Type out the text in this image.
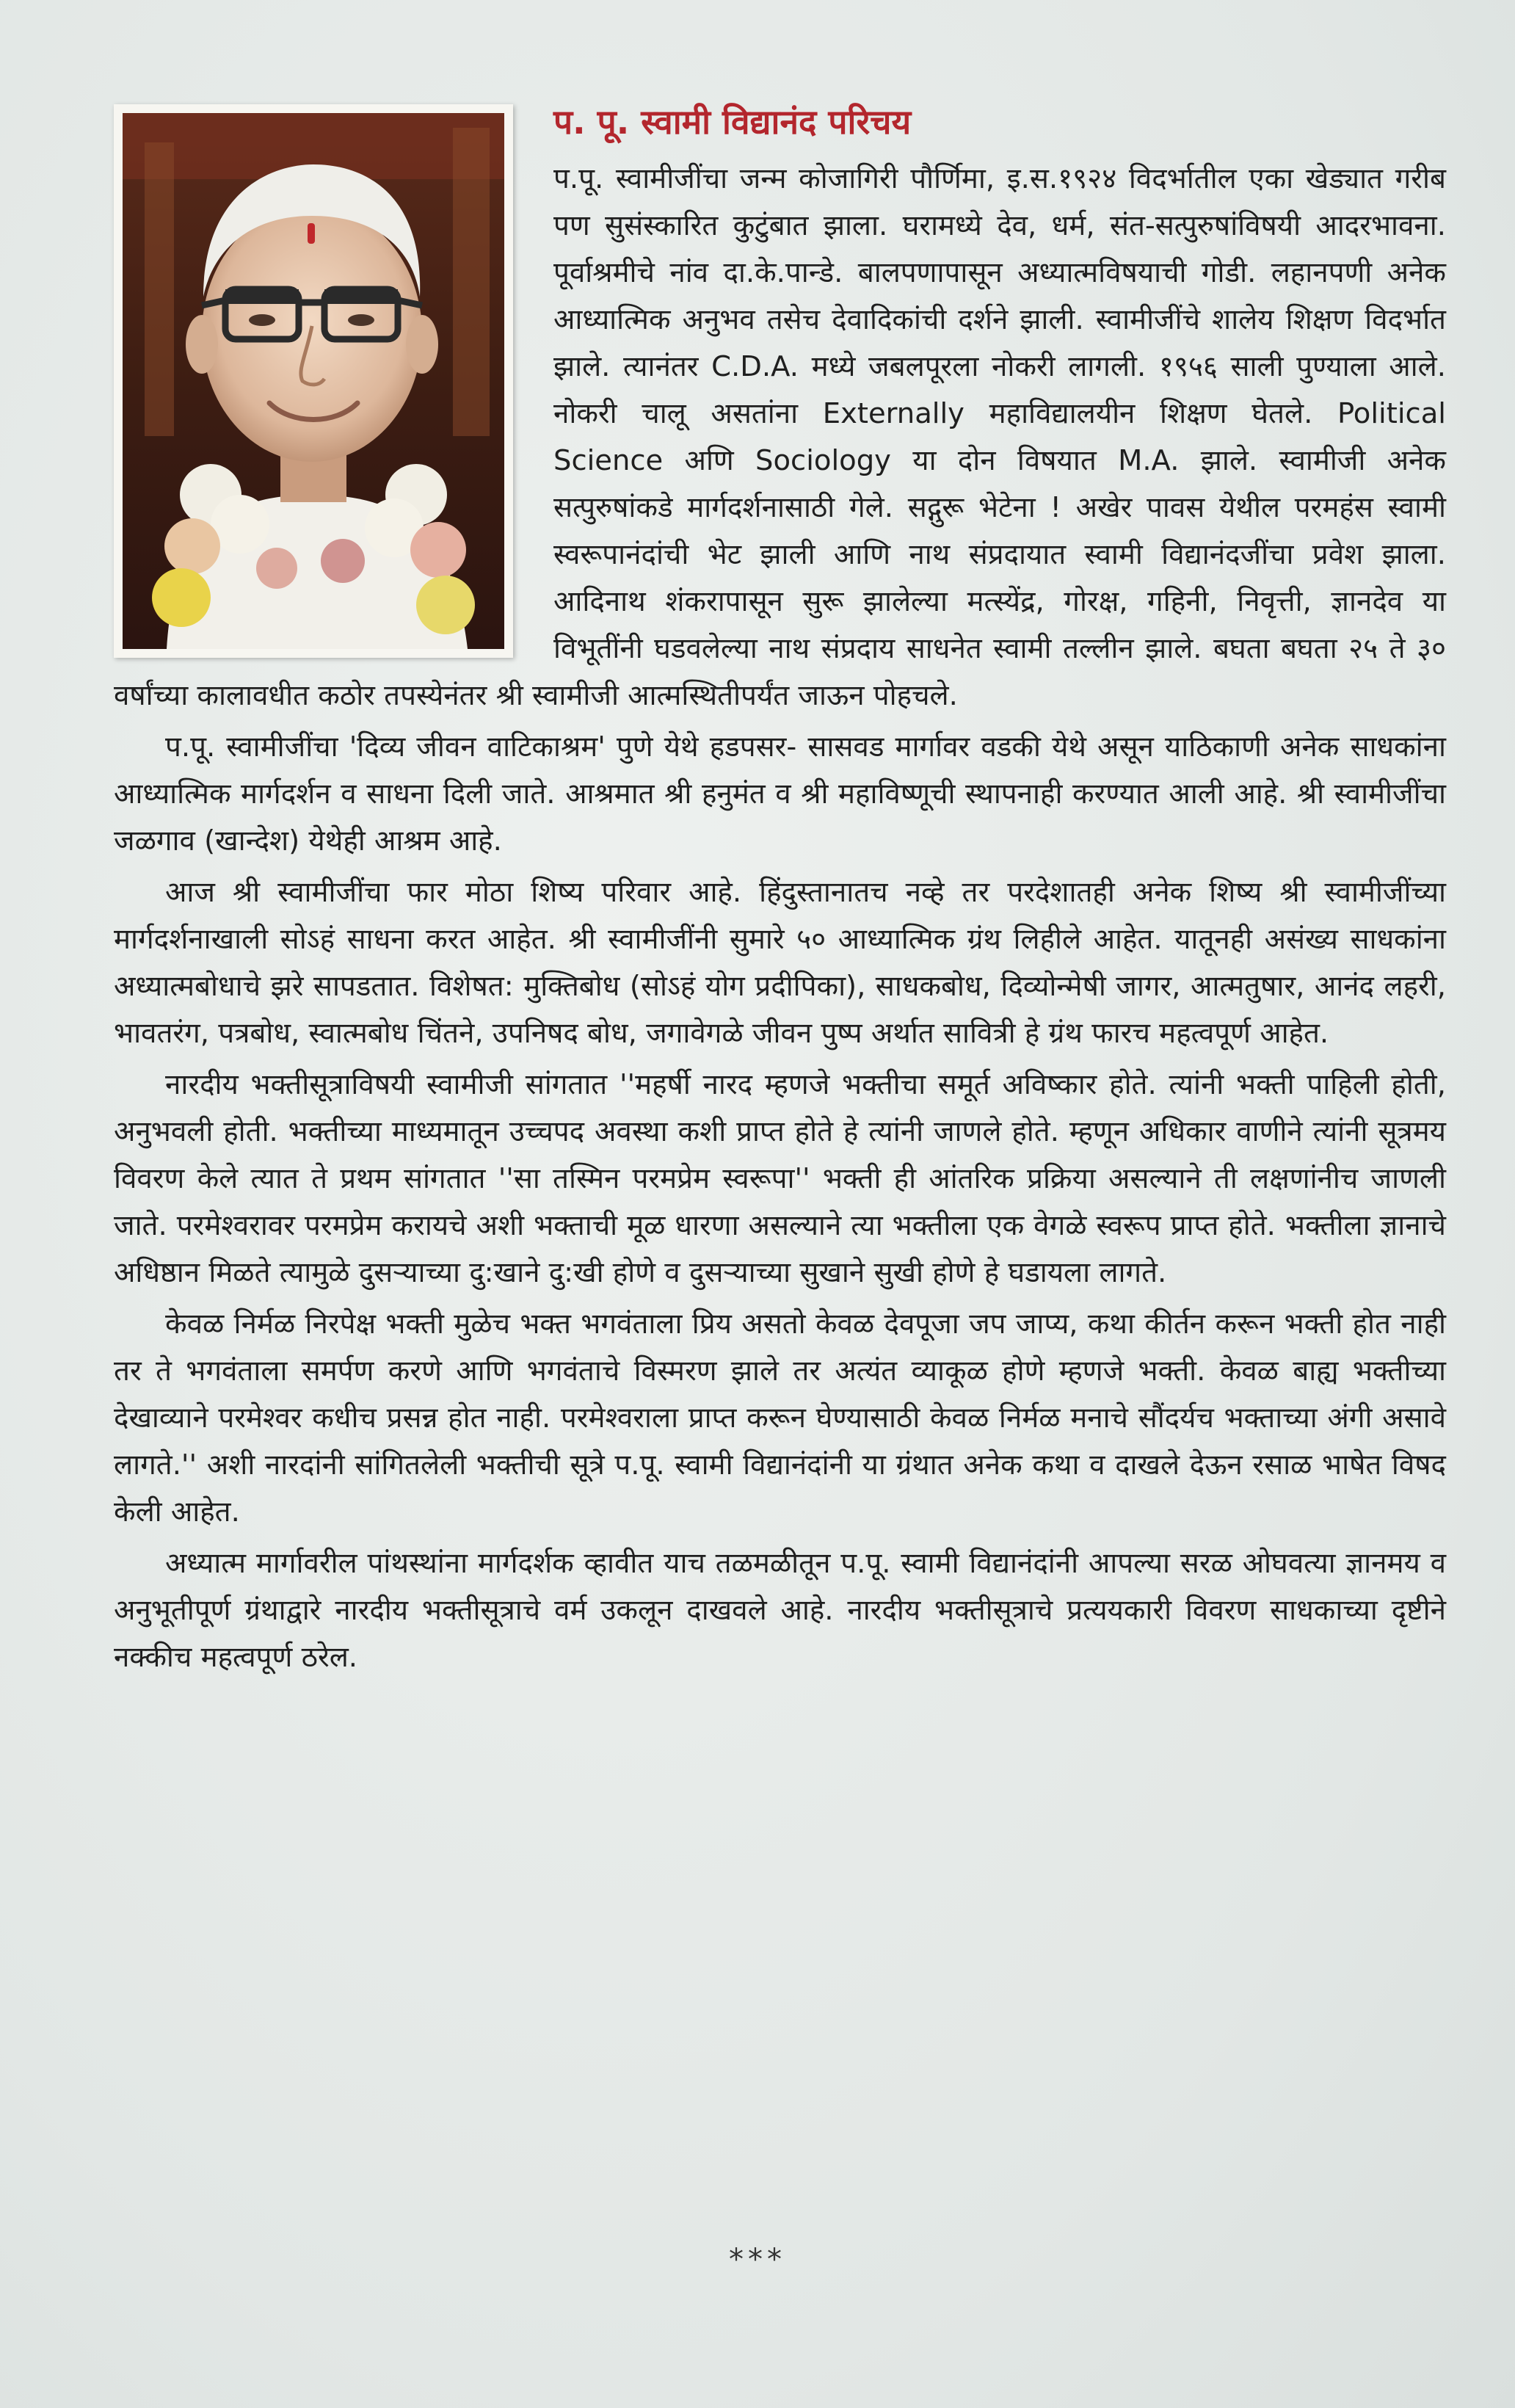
प. पू. स्वामी विद्यानंद परिचय

प.पू. स्वामीजींचा जन्म कोजागिरी पौर्णिमा, इ.स.१९२४ विदर्भातील एका खेड्यात गरीब पण सुसंस्कारित कुटुंबात झाला. घरामध्ये देव, धर्म, संत-सत्पुरुषांविषयी आदरभावना. पूर्वाश्रमीचे नांव दा.के.पान्डे. बालपणापासून अध्यात्मविषयाची गोडी. लहानपणी अनेक आध्यात्मिक अनुभव तसेच देवादिकांची दर्शने झाली. स्वामीजींचे शालेय शिक्षण विदर्भात झाले. त्यानंतर C.D.A. मध्ये जबलपूरला नोकरी लागली. १९५६ साली पुण्याला आले. नोकरी चालू असतांना Externally महाविद्यालयीन शिक्षण घेतले. Political Science अणि Sociology या दोन विषयात M.A. झाले. स्वामीजी अनेक सत्पुरुषांकडे मार्गदर्शनासाठी गेले. सद्गुरू भेटेना ! अखेर पावस येथील परमहंस स्वामी स्वरूपानंदांची भेट झाली आणि नाथ संप्रदायात स्वामी विद्यानंदजींचा प्रवेश झाला. आदिनाथ शंकरापासून सुरू झालेल्या मत्स्येंद्र, गोरक्ष, गहिनी, निवृत्ती, ज्ञानदेव या विभूतींनी घडवलेल्या नाथ संप्रदाय साधनेत स्वामी तल्लीन झाले. बघता बघता २५ ते ३० वर्षांच्या कालावधीत कठोर तपस्येनंतर श्री स्वामीजी आत्मस्थितीपर्यंत जाऊन पोहचले.

प.पू. स्वामीजींचा 'दिव्य जीवन वाटिकाश्रम' पुणे येथे हडपसर- सासवड मार्गावर वडकी येथे असून याठिकाणी अनेक साधकांना आध्यात्मिक मार्गदर्शन व साधना दिली जाते. आश्रमात श्री हनुमंत व श्री महाविष्णूची स्थापनाही करण्यात आली आहे. श्री स्वामीजींचा जळगाव (खान्देश) येथेही आश्रम आहे.

आज श्री स्वामीजींचा फार मोठा शिष्य परिवार आहे. हिंदुस्तानातच नव्हे तर परदेशातही अनेक शिष्य श्री स्वामीजींच्या मार्गदर्शनाखाली सोऽहं साधना करत आहेत. श्री स्वामीजींनी सुमारे ५० आध्यात्मिक ग्रंथ लिहीले आहेत. यातूनही असंख्य साधकांना अध्यात्मबोधाचे झरे सापडतात. विशेषत: मुक्तिबोध (सोऽहं योग प्रदीपिका), साधकबोध, दिव्योन्मेषी जागर, आत्मतुषार, आनंद लहरी, भावतरंग, पत्रबोध, स्वात्मबोध चिंतने, उपनिषद बोध, जगावेगळे जीवन पुष्प अर्थात सावित्री हे ग्रंथ फारच महत्वपूर्ण आहेत.

नारदीय भक्तीसूत्राविषयी स्वामीजी सांगतात ''महर्षी नारद म्हणजे भक्तीचा समूर्त अविष्कार होते. त्यांनी भक्ती पाहिली होती, अनुभवली होती. भक्तीच्या माध्यमातून उच्चपद अवस्था कशी प्राप्त होते हे त्यांनी जाणले होते. म्हणून अधिकार वाणीने त्यांनी सूत्रमय विवरण केले त्यात ते प्रथम सांगतात ''सा तस्मिन परमप्रेम स्वरूपा'' भक्ती ही आंतरिक प्रक्रिया असल्याने ती लक्षणांनीच जाणली जाते. परमेश्वरावर परमप्रेम करायचे अशी भक्ताची मूळ धारणा असल्याने त्या भक्तीला एक वेगळे स्वरूप प्राप्त होते. भक्तीला ज्ञानाचे अधिष्ठान मिळते त्यामुळे दुसऱ्याच्या दु:खाने दु:खी होणे व दुसऱ्याच्या सुखाने सुखी होणे हे घडायला लागते.

केवळ निर्मळ निरपेक्ष भक्ती मुळेच भक्त भगवंताला प्रिय असतो केवळ देवपूजा जप जाप्य, कथा कीर्तन करून भक्ती होत नाही तर ते भगवंताला समर्पण करणे आणि भगवंताचे विस्मरण झाले तर अत्यंत व्याकूळ होणे म्हणजे भक्ती. केवळ बाह्य भक्तीच्या देखाव्याने परमेश्वर कधीच प्रसन्न होत नाही. परमेश्वराला प्राप्त करून घेण्यासाठी केवळ निर्मळ मनाचे सौंदर्यच भक्ताच्या अंगी असावे लागते.'' अशी नारदांनी सांगितलेली भक्तीची सूत्रे प.पू. स्वामी विद्यानंदांनी या ग्रंथात अनेक कथा व दाखले देऊन रसाळ भाषेत विषद केली आहेत.

अध्यात्म मार्गावरील पांथस्थांना मार्गदर्शक व्हावीत याच तळमळीतून प.पू. स्वामी विद्यानंदांनी आपल्या सरळ ओघवत्या ज्ञानमय व अनुभूतीपूर्ण ग्रंथाद्वारे नारदीय भक्तीसूत्राचे वर्म उकलून दाखवले आहे. नारदीय भक्तीसूत्राचे प्रत्ययकारी विवरण साधकाच्या दृष्टीने नक्कीच महत्वपूर्ण ठरेल.

***
